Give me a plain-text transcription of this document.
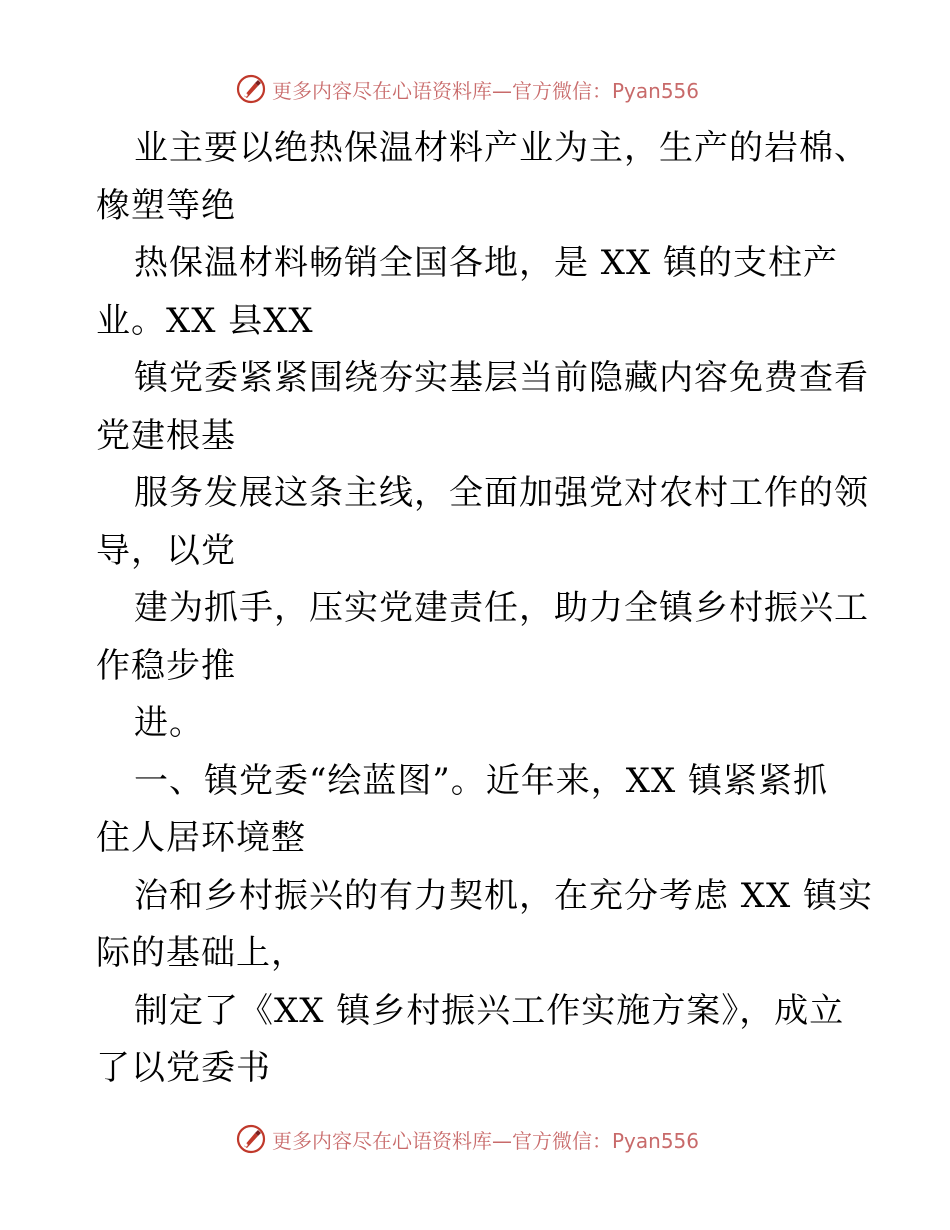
更多内容尽在心语资料库—官方微信：Pyan556
业主要以绝热保温材料产业为主，生产的岩棉、
橡塑等绝
热保温材料畅销全国各地，是 XX 镇的支柱产
业。XX 县XX
镇党委紧紧围绕夯实基层当前隐藏内容免费查看
党建根基
服务发展这条主线，全面加强党对农村工作的领
导，以党
建为抓手，压实党建责任，助力全镇乡村振兴工
作稳步推
进。
一、镇党委“绘蓝图”。近年来，XX 镇紧紧抓
住人居环境整
治和乡村振兴的有力契机，在充分考虑 XX 镇实
际的基础上，
制定了《XX 镇乡村振兴工作实施方案》，成立
了以党委书
更多内容尽在心语资料库—官方微信：Pyan556
